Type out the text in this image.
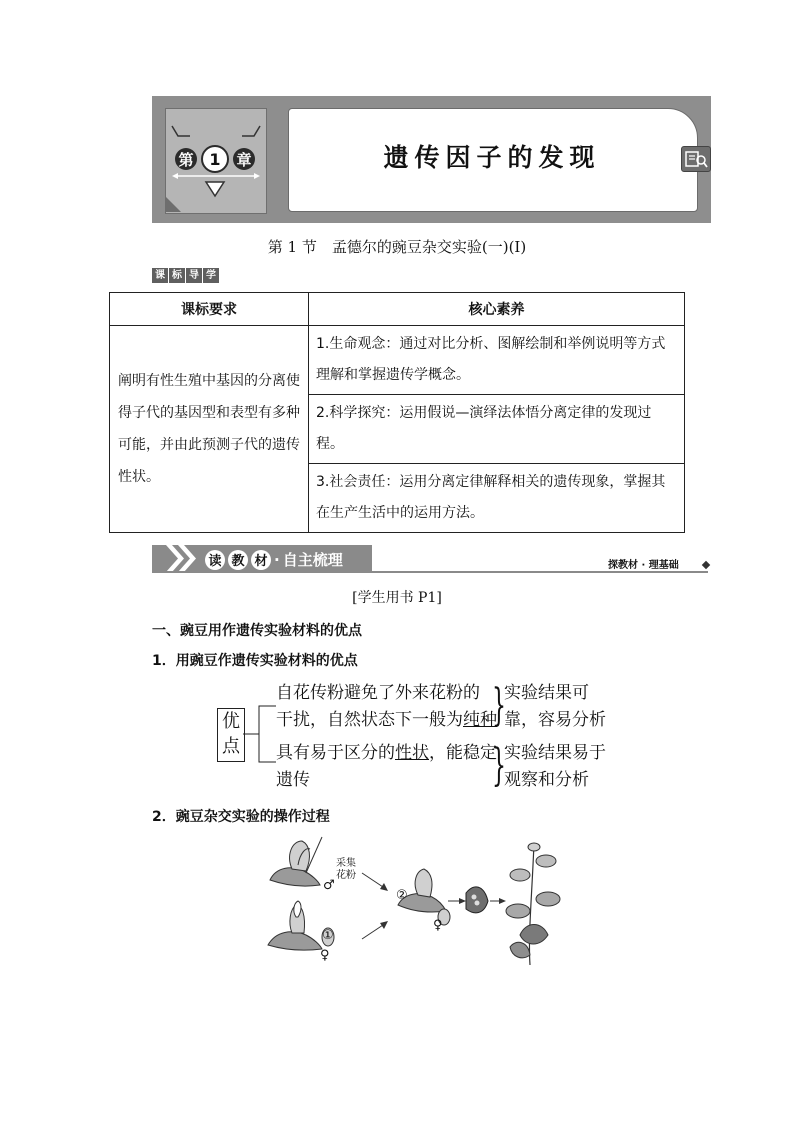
第 1	章	遗传因子的发现
第 1 节　孟德尔的豌豆杂交实验(一)(Ⅰ)
课 标 导 学
课标要求	核心素养
阐明有性生殖中基因的分离使得子代的基因型和表型有多种可能，并由此预测子代的遗传性状。	1.生命观念：通过对比分析、图解绘制和举例说明等方式理解和掌握遗传学概念。
	2.科学探究：运用假说—演绎法体悟分离定律的发现过程。
	3.社会责任：运用分离定律解释相关的遗传现象，掌握其在生产生活中的运用方法。
读 教 材 · 自主梳理	探教材 · 理基础
[学生用书 P1]
一、豌豆用作遗传实验材料的优点
1．用豌豆作遗传实验材料的优点
优
点
自花传粉避免了外来花粉的
干扰，自然状态下一般为纯种
}
实验结果可
靠，容易分析
具有易于区分的性状，能稳定
遗传	}
实验结果易于
观察和分析
2．豌豆杂交实验的操作过程
采集
花粉
♂
♀
①
②
♀
